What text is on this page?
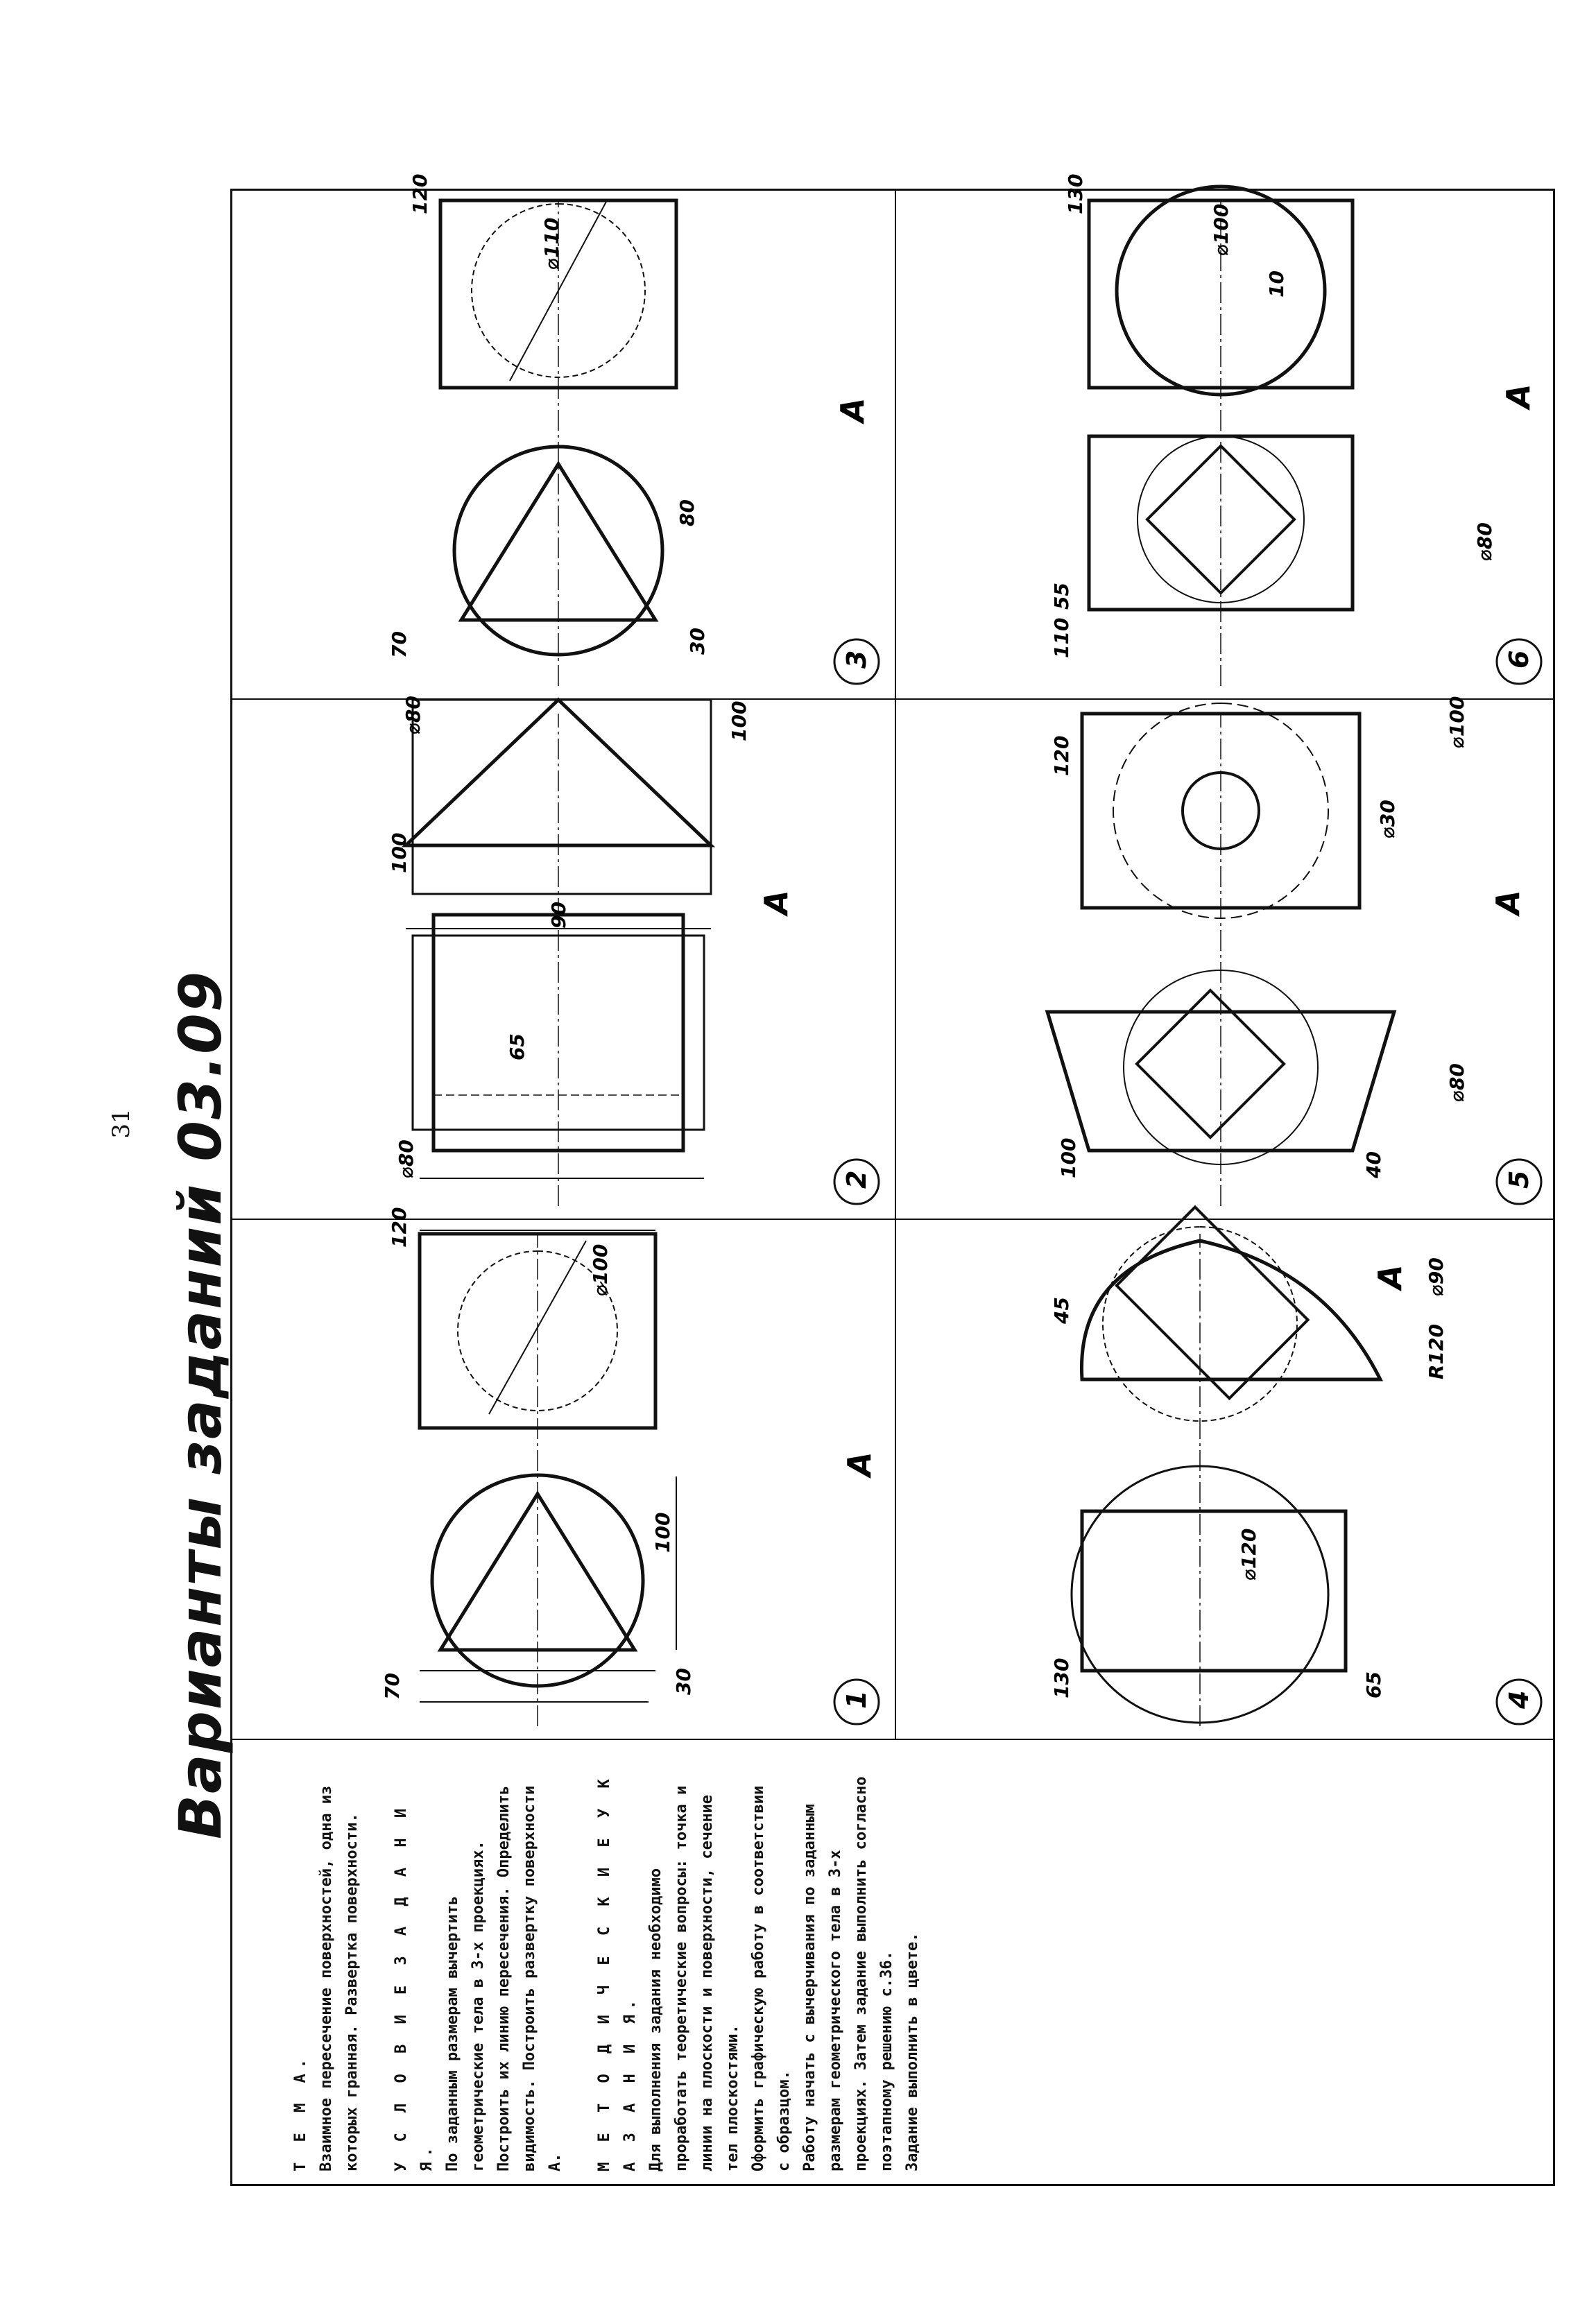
31 Варианты заданий 03.09
Т Е М А. Взаимное пересечение поверхностей, одна из которых гранная. Развертка поверхности. У С Л О В И Е З А Д А Н И Я. По заданным размерам вычертить геометрические тела в 3-х проекциях. Построить их линию пересечения. Определить видимость. Построить развертку поверхности А. М Е Т О Д И Ч Е С К И Е У К А З А Н И Я. Для выполнения задания необходимо проработать теоретические вопросы: точка и линии на плоскости и поверхности, сечение тел плоскостями. Оформить графическую работу в соответствии с образцом. Работу начать с вычерчивания по заданным размерам геометрического тела в 3-х проекциях. Затем задание выполнить согласно поэтапному решению с.36. Задание выполнить в цвете.

1
A
30
70
100
120
⌀100
2
A
⌀80
65
⌀80
90
100
100
3
A
30
70
80
120
⌀110
4
A
65
130
⌀120
R120
⌀90
45
5
A
40
⌀80
100
⌀30
⌀100
120
6
A
⌀80
55
110
⌀100
10
130
